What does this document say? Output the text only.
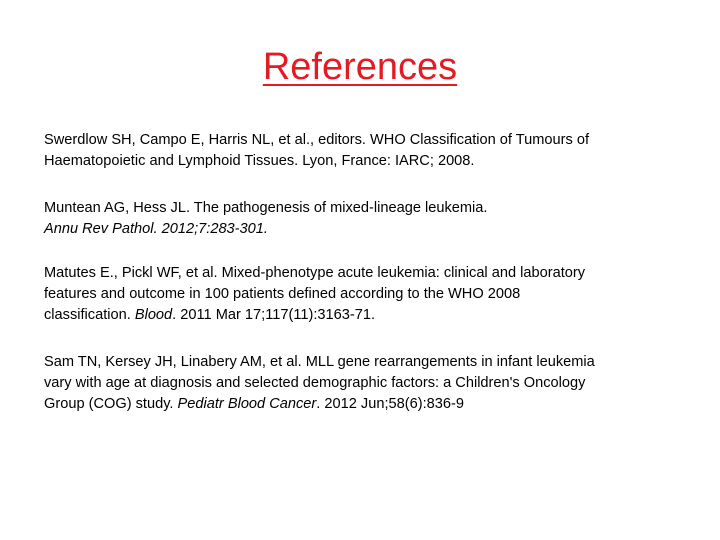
References
Swerdlow SH, Campo E, Harris NL, et al., editors. WHO Classification of Tumours of
Haematopoietic and Lymphoid Tissues. Lyon, France: IARC; 2008.
Muntean AG, Hess JL. The pathogenesis of mixed-lineage leukemia.
Annu Rev Pathol. 2012;7:283-301.
Matutes E., Pickl WF, et al. Mixed-phenotype acute leukemia: clinical and laboratory
features and outcome in 100 patients defined according to the WHO 2008
classification. Blood. 2011 Mar 17;117(11):3163-71.
Sam TN, Kersey JH, Linabery AM, et al. MLL gene rearrangements in infant leukemia
vary with age at diagnosis and selected demographic factors: a Children's Oncology
Group (COG) study. Pediatr Blood Cancer. 2012 Jun;58(6):836-9
